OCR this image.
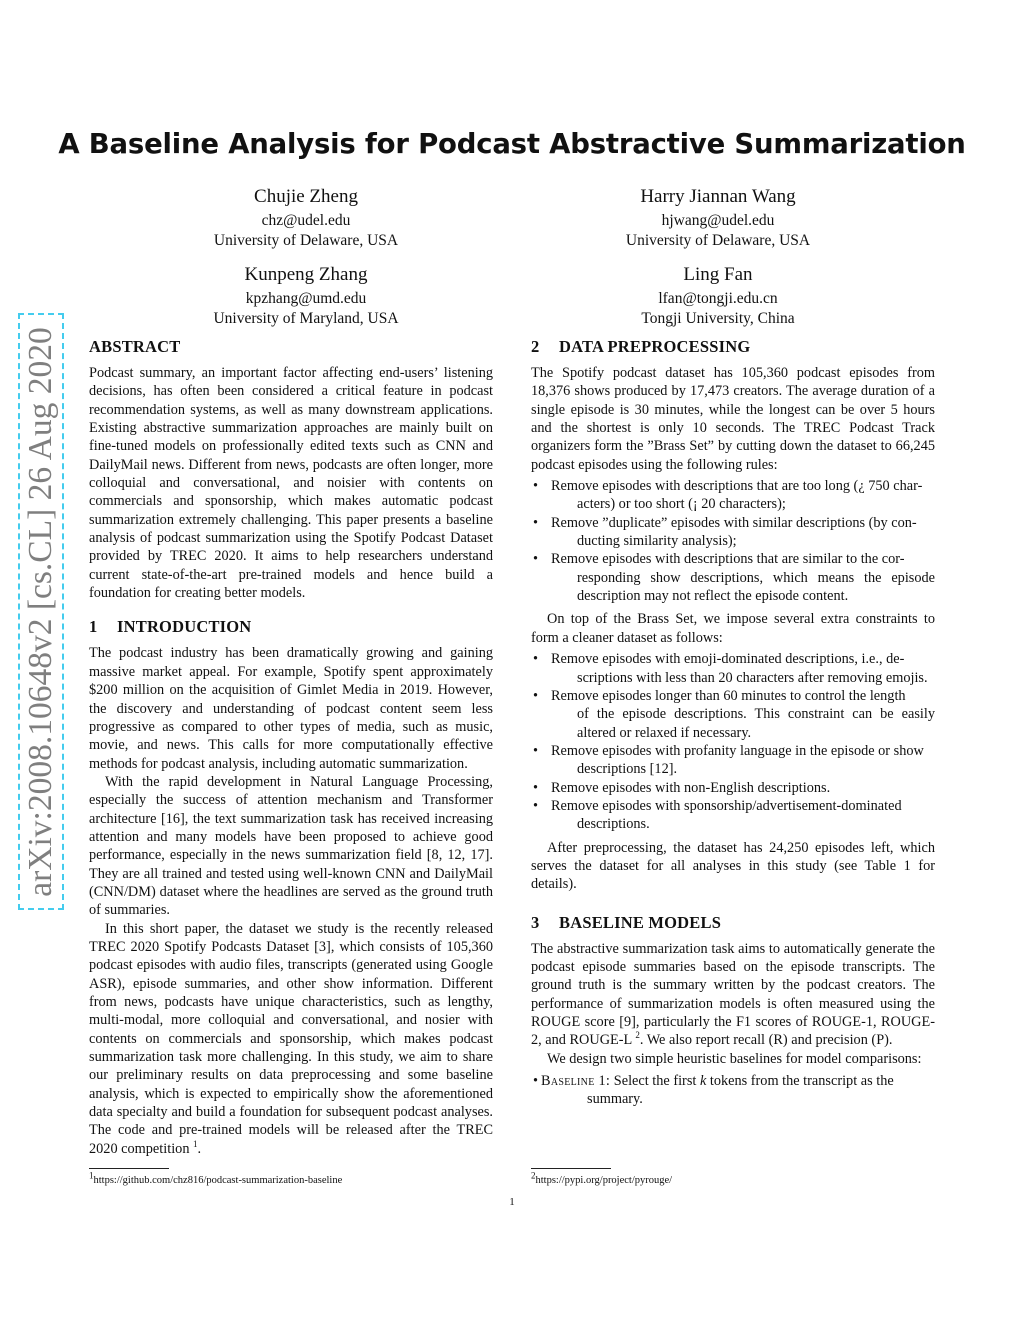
A Baseline Analysis for Podcast Abstractive Summarization
Chujie Zheng
chz@udel.edu
University of Delaware, USA
Harry Jiannan Wang
hjwang@udel.edu
University of Delaware, USA
Kunpeng Zhang
kpzhang@umd.edu
University of Maryland, USA
Ling Fan
lfan@tongji.edu.cn
Tongji University, China
arXiv:2008.10648v2 [cs.CL] 26 Aug 2020 ABSTRACT

Podcast summary, an important factor affecting end-users’ listening decisions, has often been considered a critical feature in podcast recommendation systems, as well as many downstream applications. Existing abstractive summarization approaches are mainly built on fine-tuned models on professionally edited texts such as CNN and DailyMail news. Different from news, podcasts are often longer, more colloquial and conversational, and noisier with contents on commercials and sponsorship, which makes automatic podcast summarization extremely challenging. This paper presents a baseline analysis of podcast summarization using the Spotify Podcast Dataset provided by TREC 2020. It aims to help researchers understand current state-of-the-art pre-trained models and hence build a foundation for creating better models.

1 INTRODUCTION

The podcast industry has been dramatically growing and gaining massive market appeal. For example, Spotify spent approximately $200 million on the acquisition of Gimlet Media in 2019. However, the discovery and understanding of podcast content seem less progressive as compared to other types of media, such as music, movie, and news. This calls for more computationally effective methods for podcast analysis, including automatic summarization.

With the rapid development in Natural Language Processing, especially the success of attention mechanism and Transformer architecture [16], the text summarization task has received increasing attention and many models have been proposed to achieve good performance, especially in the news summarization field [8, 12, 17]. They are all trained and tested using well-known CNN and DailyMail (CNN/DM) dataset where the headlines are served as the ground truth of summaries.

In this short paper, the dataset we study is the recently released TREC 2020 Spotify Podcasts Dataset [3], which consists of 105,360 podcast episodes with audio files, transcripts (generated using Google ASR), episode summaries, and other show information. Different from news, podcasts have unique characteristics, such as lengthy, multi-modal, more colloquial and conversational, and nosier with contents on commercials and sponsorship, which makes podcast summarization task more challenging. In this study, we aim to share our preliminary results on data preprocessing and some baseline analysis, which is expected to empirically show the aforementioned data specialty and build a foundation for subsequent podcast analyses. The code and pre-trained models will be released after the TREC 2020 competition $^1$.

2 DATA PREPROCESSING

The Spotify podcast dataset has 105,360 podcast episodes from 18,376 shows produced by 17,473 creators. The average duration of a single episode is 30 minutes, while the longest can be over 5 hours and the shortest is only 10 seconds. The TREC Podcast Track organizers form the ”Brass Set” by cutting down the dataset to 66,245 podcast episodes using the following rules:

• Remove episodes with descriptions that are too long (¿ 750 char-
acters) or too short (¡ 20 characters);
• Remove ”duplicate” episodes with similar descriptions (by con-
ducting similarity analysis);
• Remove episodes with descriptions that are similar to the cor-
responding show descriptions, which means the episode description may not reflect the episode content.

On top of the Brass Set, we impose several extra constraints to form a cleaner dataset as follows:

• Remove episodes with emoji-dominated descriptions, i.e., de-
scriptions with less than 20 characters after removing emojis.
• Remove episodes longer than 60 minutes to control the length
of the episode descriptions. This constraint can be easily altered or relaxed if necessary.
• Remove episodes with profanity language in the episode or show
descriptions [12].
• Remove episodes with non-English descriptions.
• Remove episodes with sponsorship/advertisement-dominated
descriptions.

After preprocessing, the dataset has 24,250 episodes left, which serves the dataset for all analyses in this study (see Table 1 for details).

3 BASELINE MODELS

The abstractive summarization task aims to automatically generate the podcast episode summaries based on the episode transcripts. The ground truth is the summary written by the podcast creators. The performance of summarization models is often measured using the ROUGE score [9], particularly the F1 scores of ROUGE-1, ROUGE-2, and ROUGE-L $^2$. We also report recall (R) and precision (P).

We design two simple heuristic baselines for model comparisons:

• Baseline 1: Select the first k tokens from the transcript as the
summary.
$^1$https://github.com/chz816/podcast-summarization-baseline	$^2$https://pypi.org/project/pyrouge/
1
